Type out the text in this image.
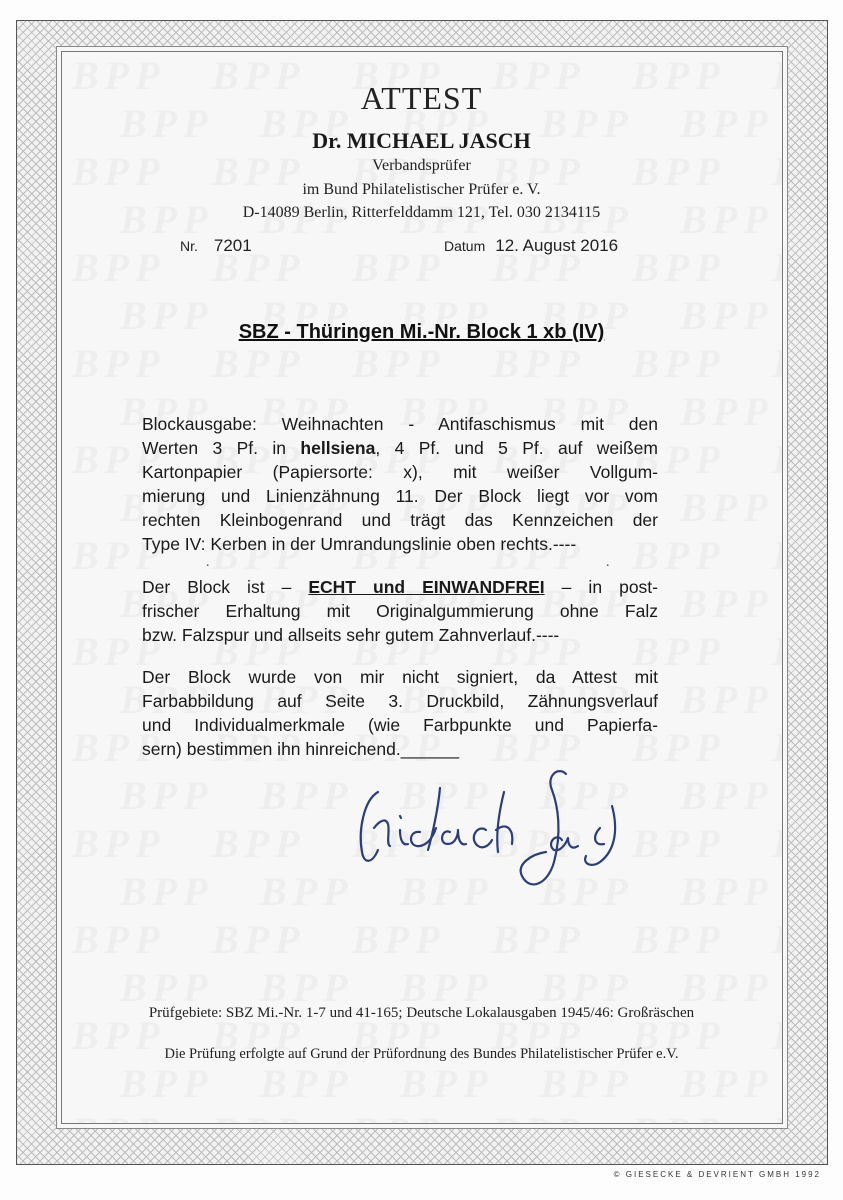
ATTEST
Dr. MICHAEL JASCH
Verbandsprüfer
im Bund Philatelistischer Prüfer e. V.
D-14089 Berlin, Ritterfelddamm 121, Tel. 030 2134115
Nr. 7201	Datum 12. August 2016
SBZ - Thüringen Mi.-Nr. Block 1 xb (IV)
Blockausgabe: Weihnachten - Antifaschismus mit den
Werten 3 Pf. in hellsiena, 4 Pf. und 5 Pf. auf weißem
Kartonpapier (Papiersorte: x), mit weißer Vollgum-
mierung und Linienzähnung 11. Der Block liegt vor vom
rechten Kleinbogenrand und trägt das Kennzeichen der
Type IV: Kerben in der Umrandungslinie oben rechts.----
.	.
Der Block ist – ECHT und EINWANDFREI – in post-
frischer Erhaltung mit Originalgummierung ohne Falz
bzw. Falzspur und allseits sehr gutem Zahnverlauf.----
Der Block wurde von mir nicht signiert, da Attest mit
Farbabbildung auf Seite 3. Druckbild, Zähnungsverlauf
und Individualmerkmale (wie Farbpunkte und Papierfa-
sern) bestimmen ihn hinreichend.______
Prüfgebiete: SBZ Mi.-Nr. 1-7 und 41-165; Deutsche Lokalausgaben 1945/46: Großräschen
Die Prüfung erfolgte auf Grund der Prüfordnung des Bundes Philatelistischer Prüfer e.V.
© GIESECKE & DEVRIENT GMBH 1992
